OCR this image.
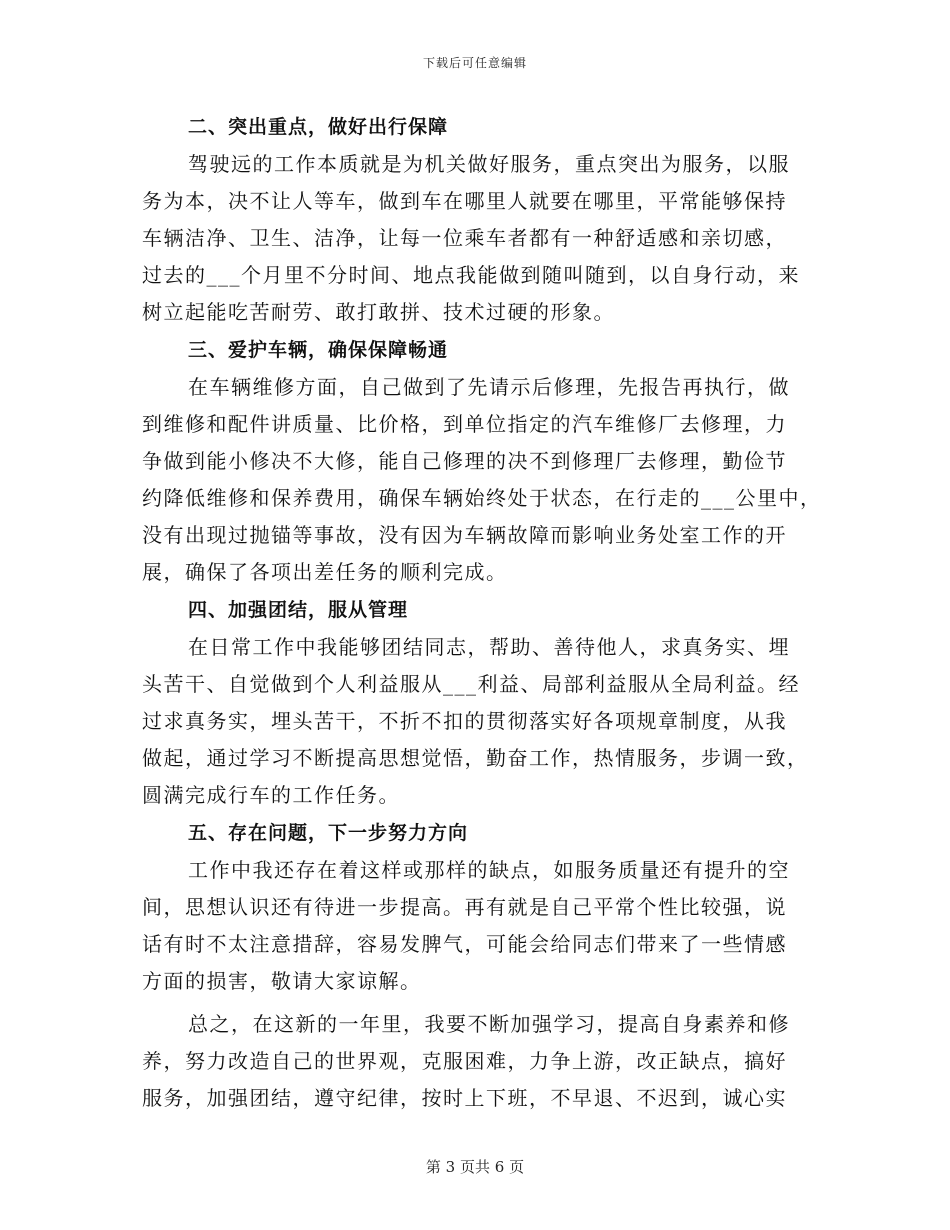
下载后可任意编辑
二、突出重点，做好出行保障
驾驶远的工作本质就是为机关做好服务，重点突出为服务，以服
务为本，决不让人等车，做到车在哪里人就要在哪里，平常能够保持
车辆洁净、卫生、洁净，让每一位乘车者都有一种舒适感和亲切感，
过去的___个月里不分时间、地点我能做到随叫随到，以自身行动，来
树立起能吃苦耐劳、敢打敢拼、技术过硬的形象。
三、爱护车辆，确保保障畅通
在车辆维修方面，自己做到了先请示后修理，先报告再执行，做
到维修和配件讲质量、比价格，到单位指定的汽车维修厂去修理，力
争做到能小修决不大修，能自己修理的决不到修理厂去修理，勤俭节
约降低维修和保养费用，确保车辆始终处于状态，在行走的___公里中，
没有出现过抛锚等事故，没有因为车辆故障而影响业务处室工作的开
展，确保了各项出差任务的顺利完成。
四、加强团结，服从管理
在日常工作中我能够团结同志，帮助、善待他人，求真务实、埋
头苦干、自觉做到个人利益服从___利益、局部利益服从全局利益。经
过求真务实，埋头苦干，不折不扣的贯彻落实好各项规章制度，从我
做起，通过学习不断提高思想觉悟，勤奋工作，热情服务，步调一致，
圆满完成行车的工作任务。
五、存在问题，下一步努力方向
工作中我还存在着这样或那样的缺点，如服务质量还有提升的空
间，思想认识还有待进一步提高。再有就是自己平常个性比较强，说
话有时不太注意措辞，容易发脾气，可能会给同志们带来了一些情感
方面的损害，敬请大家谅解。
总之，在这新的一年里，我要不断加强学习，提高自身素养和修
养，努力改造自己的世界观，克服困难，力争上游，改正缺点，搞好
服务，加强团结，遵守纪律，按时上下班，不早退、不迟到，诚心实
第 3 页共 6 页
